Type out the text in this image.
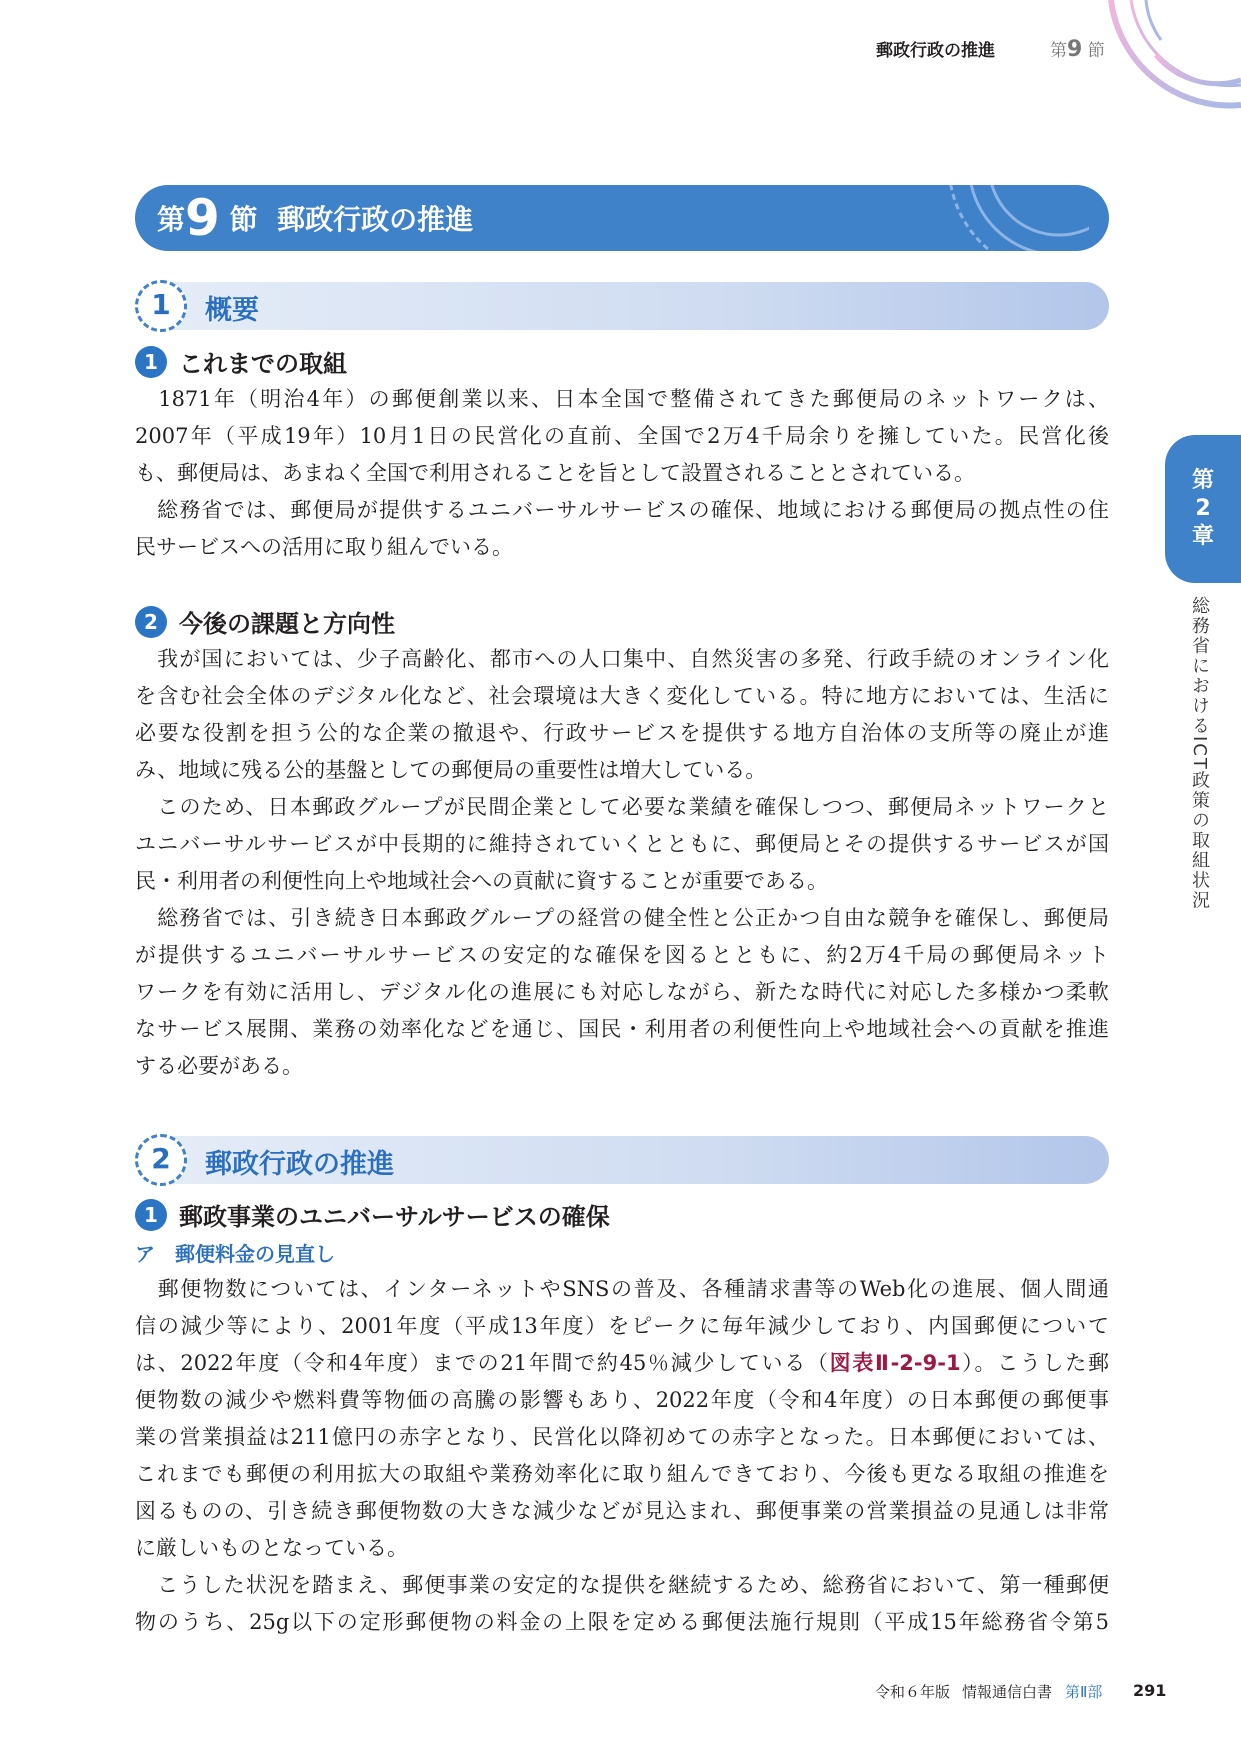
郵政行政の推進	第9 節
第9 節 郵政行政の推進
1	概要
1 これまでの取組
　1871年（明治4年）の郵便創業以来、日本全国で整備されてきた郵便局のネットワークは、
2007年（平成19年）10月1日の民営化の直前、全国で2万4千局余りを擁していた。民営化後
も、郵便局は、あまねく全国で利用されることを旨として設置されることとされている。
　総務省では、郵便局が提供するユニバーサルサービスの確保、地域における郵便局の拠点性の住
民サービスへの活用に取り組んでいる。
2 今後の課題と方向性
　我が国においては、少子高齢化、都市への人口集中、自然災害の多発、行政手続のオンライン化
を含む社会全体のデジタル化など、社会環境は大きく変化している。特に地方においては、生活に
必要な役割を担う公的な企業の撤退や、行政サービスを提供する地方自治体の支所等の廃止が進
み、地域に残る公的基盤としての郵便局の重要性は増大している。
　このため、日本郵政グループが民間企業として必要な業績を確保しつつ、郵便局ネットワークと
ユニバーサルサービスが中長期的に維持されていくとともに、郵便局とその提供するサービスが国
民・利用者の利便性向上や地域社会への貢献に資することが重要である。
　総務省では、引き続き日本郵政グループの経営の健全性と公正かつ自由な競争を確保し、郵便局
が提供するユニバーサルサービスの安定的な確保を図るとともに、約2万4千局の郵便局ネット
ワークを有効に活用し、デジタル化の進展にも対応しながら、新たな時代に対応した多様かつ柔軟
なサービス展開、業務の効率化などを通じ、国民・利用者の利便性向上や地域社会への貢献を推進
する必要がある。
2	郵政行政の推進
1 郵政事業のユニバーサルサービスの確保
ア　 郵便料金の見直し
　郵便物数については、インターネットやSNSの普及、各種請求書等のWeb化の進展、個人間通
信の減少等により、2001年度（平成13年度）をピークに毎年減少しており、内国郵便について
は、2022年度（令和4年度）までの21年間で約45％減少している（図表Ⅱ-2-9-1）。こうした郵
便物数の減少や燃料費等物価の高騰の影響もあり、2022年度（令和4年度）の日本郵便の郵便事
業の営業損益は211億円の赤字となり、民営化以降初めての赤字となった。日本郵便においては、
これまでも郵便の利用拡大の取組や業務効率化に取り組んできており、今後も更なる取組の推進を
図るものの、引き続き郵便物数の大きな減少などが見込まれ、郵便事業の営業損益の見通しは非常
に厳しいものとなっている。
　こうした状況を踏まえ、郵便事業の安定的な提供を継続するため、総務省において、第一種郵便
物のうち、25g以下の定形郵便物の料金の上限を定める郵便法施行規則（平成15年総務省令第5
第
2
章
総務省におけるICT政策の取組状況
令和６年版 情報通信白書 第Ⅱ部 291
